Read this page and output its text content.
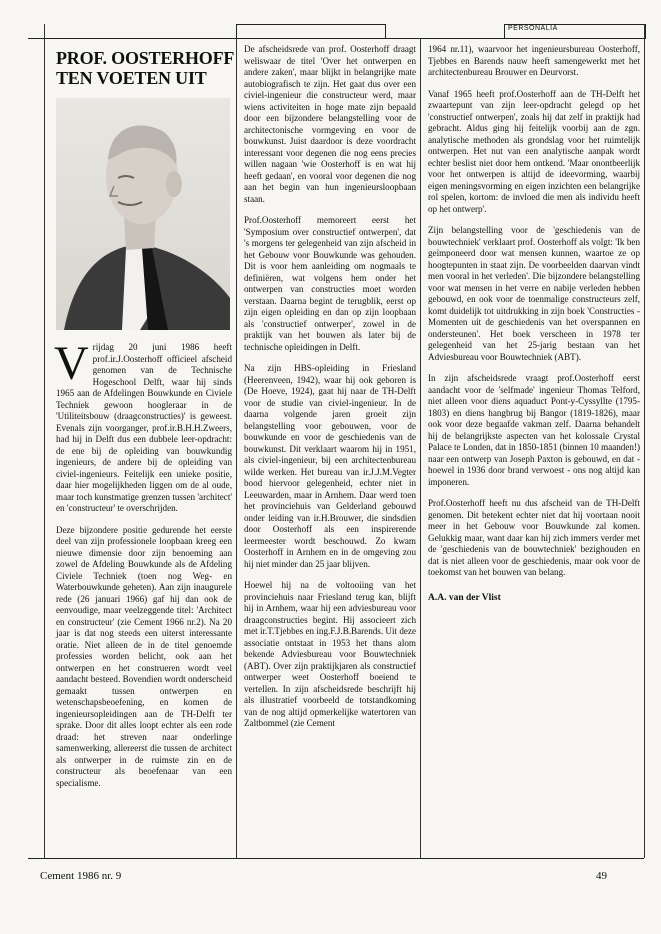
PERSONALIA
PROF. OOSTERHOFF
TEN VOETEN UIT

Vrijdag 20 juni 1986 heeft prof.ir.J.Oosterhoff officieel afscheid genomen van de Technische Hogeschool Delft, waar hij sinds 1965 aan de Afdelingen Bouwkunde en Civiele Techniek gewoon hoogleraar in de 'Utiliteitsbouw (draagconstructies)' is geweest. Evenals zijn voorganger, prof.ir.B.H.H.Zweers, had hij in Delft dus een dubbele leer-opdracht: de ene bij de opleiding van bouwkundig ingenieurs, de andere bij de opleiding van civiel-ingenieurs. Feitelijk een unieke positie, daar hier mogelijkheden liggen om de al oude, maar toch kunstmatige grenzen tussen 'architect' en 'constructeur' te overschrijden.

Deze bijzondere positie gedurende het eerste deel van zijn professionele loopbaan kreeg een nieuwe dimensie door zijn benoeming aan zowel de Afdeling Bouwkunde als de Afdeling Civiele Techniek (toen nog Weg- en Waterbouwkunde geheten). Aan zijn inaugurele rede (26 januari 1966) gaf hij dan ook de eenvoudige, maar veelzeggende titel: 'Architect en constructeur' (zie Cement 1966 nr.2). Na 20 jaar is dat nog steeds een uiterst interessante oratie. Niet alleen de in de titel genoemde professies worden belicht, ook aan het ontwerpen en het construeren wordt veel aandacht besteed. Bovendien wordt onderscheid gemaakt tussen ontwerpen en wetenschapsbeoefening, en komen de ingenieursopleidingen aan de TH-Delft ter sprake. Door dit alles loopt echter als een rode draad: het streven naar onderlinge samenwerking, allereerst die tussen de architect als ontwerper in de ruimste zin en de constructeur als beoefenaar van een specialisme.

De afscheidsrede van prof. Oosterhoff draagt weliswaar de titel 'Over het ontwerpen en andere zaken', maar blijkt in belangrijke mate autobiografisch te zijn. Het gaat dus over een civiel-ingenieur die constructeur werd, maar wiens activiteiten in hoge mate zijn bepaald door een bijzondere belangstelling voor de architectonische vormgeving en voor de bouwkunst. Juist daardoor is deze voordracht interessant voor degenen die nog eens precies willen nagaan 'wie Oosterhoff is en wat hij heeft gedaan', en vooral voor degenen die nog aan het begin van hun ingenieursloopbaan staan.

Prof.Oosterhoff memoreert eerst het 'Symposium over constructief ontwerpen', dat 's morgens ter gelegenheid van zijn afscheid in het Gebouw voor Bouwkunde was gehouden. Dit is voor hem aanleiding om nogmaals te definiëren, wat volgens hem onder het ontwerpen van constructies moet worden verstaan. Daarna begint de terugblik, eerst op zijn eigen opleiding en dan op zijn loopbaan als 'constructief ontwerper', zowel in de praktijk van het bouwen als later bij de technische opleidingen in Delft.

Na zijn HBS-opleiding in Friesland (Heerenveen, 1942), waar hij ook geboren is (De Hoeve, 1924), gaat hij naar de TH-Delft voor de studie van civiel-ingenieur. In de daarna volgende jaren groeit zijn belangstelling voor gebouwen, voor de bouwkunde en voor de geschiedenis van de bouwkunst. Dit verklaart waarom hij in 1951, als civiel-ingenieur, bij een architectenbureau wilde werken. Het bureau van ir.J.J.M.Vegter bood hiervoor gelegenheid, echter niet in Leeuwarden, maar in Arnhem. Daar werd toen het provinciehuis van Gelderland gebouwd onder leiding van ir.H.Brouwer, die sindsdien door Oosterhoff als een inspirerende leermeester wordt beschouwd. Zo kwam Oosterhoff in Arnhem en in de omgeving zou hij niet minder dan 25 jaar blijven.

Hoewel hij na de voltooiing van het provinciehuis naar Friesland terug kan, blijft hij in Arnhem, waar hij een adviesbureau voor draagconstructies begint. Hij associeert zich met ir.T.Tjebbes en ing.F.J.B.Barends. Uit deze associatie ontstaat in 1953 het thans alom bekende Adviesbureau voor Bouwtechniek (ABT). Over zijn praktijkjaren als constructief ontwerper weet Oosterhoff boeiend te vertellen. In zijn afscheidsrede beschrijft hij als illustratief voorbeeld de totstandkoming van de nog altijd opmerkelijke watertoren van Zaltbommel (zie Cement

1964 nr.11), waarvoor het ingenieursbureau Oosterhoff, Tjebbes en Barends nauw heeft samengewerkt met het architectenbureau Brouwer en Deurvorst.

Vanaf 1965 heeft prof.Oosterhoff aan de TH-Delft het zwaartepunt van zijn leer-opdracht gelegd op het 'constructief ontwerpen', zoals hij dat zelf in praktijk had gebracht. Aldus ging hij feitelijk voorbij aan de zgn. analytische methoden als grondslag voor het ruimtelijk ontwerpen. Het nut van een analytische aanpak wordt echter beslist niet door hem ontkend. 'Maar onontbeerlijk voor het ontwerpen is altijd de ideevorming, waarbij eigen meningsvorming en eigen inzichten een belangrijke rol spelen, kortom: de invloed die men als individu heeft op het ontwerp'.

Zijn belangstelling voor de 'geschiedenis van de bouwtechniek' verklaart prof. Oosterhoff als volgt: 'Ik ben geïmponeerd door wat mensen kunnen, waartoe ze op hoogtepunten in staat zijn. De voorbeelden daarvan vindt men vooral in het verleden'. Die bijzondere belangstelling voor wat mensen in het verre en nabije verleden hebben gebouwd, en ook voor de toenmalige constructeurs zelf, komt duidelijk tot uitdrukking in zijn boek 'Constructies - Momenten uit de geschiedenis van het overspannen en ondersteunen'. Het boek verscheen in 1978 ter gelegenheid van het 25-jarig bestaan van het Adviesbureau voor Bouwtechniek (ABT).

In zijn afscheidsrede vraagt prof.Oosterhoff eerst aandacht voor de 'selfmade' ingenieur Thomas Telford, niet alleen voor diens aquaduct Pont-y-Cyssyllte (1795-1803) en diens hangbrug bij Bangor (1819-1826), maar ook voor deze begaafde vakman zelf. Daarna behandelt hij de belangrijkste aspecten van het kolossale Crystal Palace te Londen, dat in 1850-1851 (binnen 10 maanden!) naar een ontwerp van Joseph Paxton is gebouwd, en dat - hoewel in 1936 door brand verwoest - ons nog altijd kan imponeren.

Prof.Oosterhoff heeft nu dus afscheid van de TH-Delft genomen. Dit betekent echter niet dat hij voortaan nooit meer in het Gebouw voor Bouwkunde zal komen. Gelukkig maar, want daar kan hij zich immers verder met de 'geschiedenis van de bouwtechniek' bezighouden en dat is niet alleen voor de geschiedenis, maar ook voor de toekomst van het bouwen van belang.

A.A. van der Vlist

Cement 1986 nr. 9	49
